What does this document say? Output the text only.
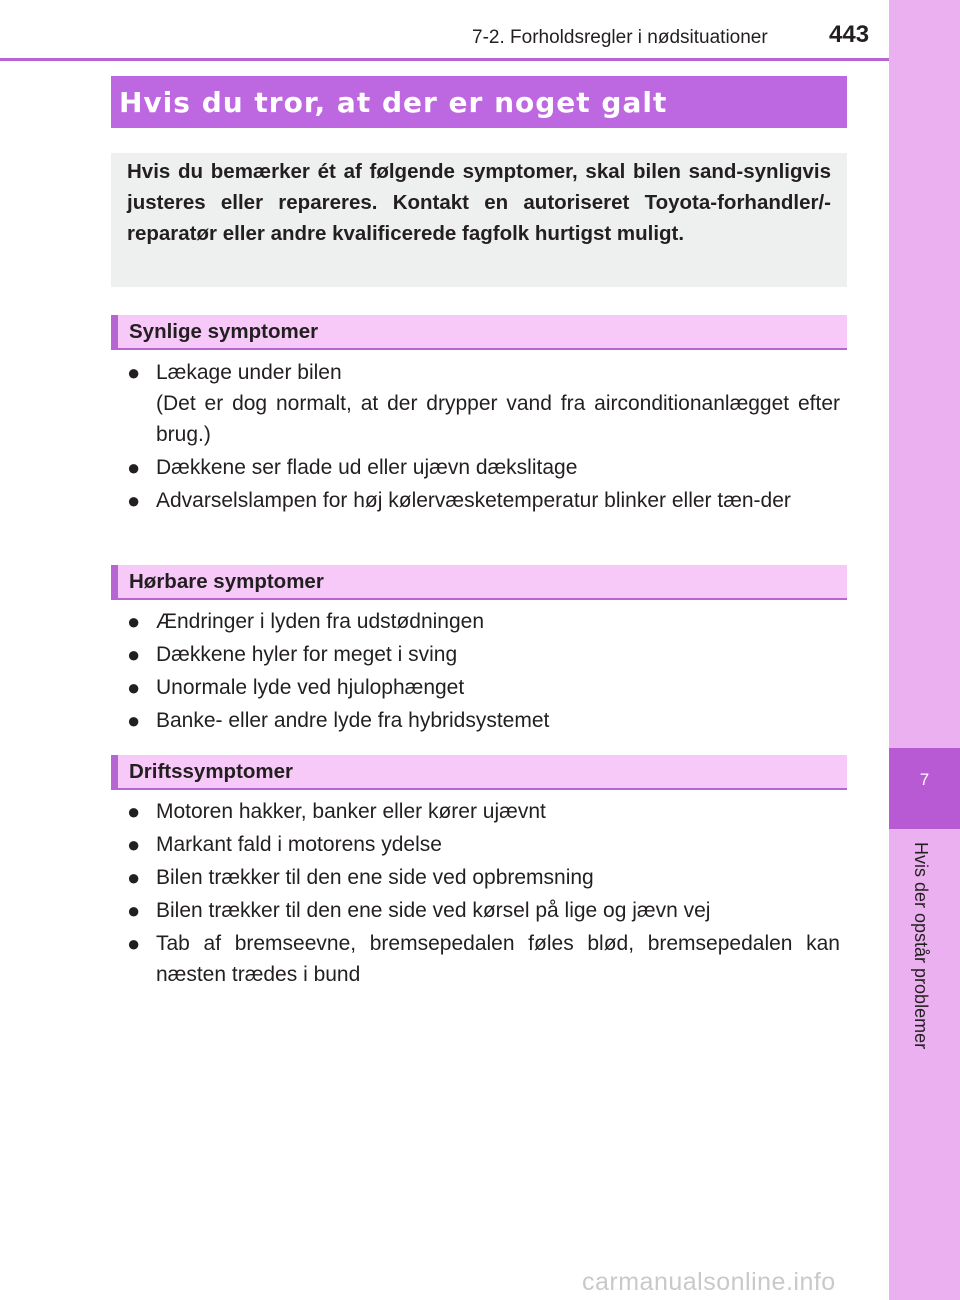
7
Hvis der opstår problemer
7-2. Forholdsregler i nødsituationer	443
Hvis du tror, at der er noget galt

Hvis du bemærker ét af følgende symptomer, skal bilen sand-synligvis justeres eller repareres. Kontakt en autoriseret Toyota-forhandler/-reparatør eller andre kvalificerede fagfolk hurtigst muligt.

Synlige symptomer
● Lækage under bilen
(Det er dog normalt, at der drypper vand fra airconditionanlægget efter brug.)
● Dækkene ser flade ud eller ujævn dækslitage
● Advarselslampen for høj kølervæsketemperatur blinker eller tæn-der
Hørbare symptomer
● Ændringer i lyden fra udstødningen
● Dækkene hyler for meget i sving
● Unormale lyde ved hjulophænget
● Banke- eller andre lyde fra hybridsystemet
Driftssymptomer
● Motoren hakker, banker eller kører ujævnt
● Markant fald i motorens ydelse
● Bilen trækker til den ene side ved opbremsning
● Bilen trækker til den ene side ved kørsel på lige og jævn vej
● Tab af bremseevne, bremsepedalen føles blød, bremsepedalen kan næsten trædes i bund
carmanualsonline.info
